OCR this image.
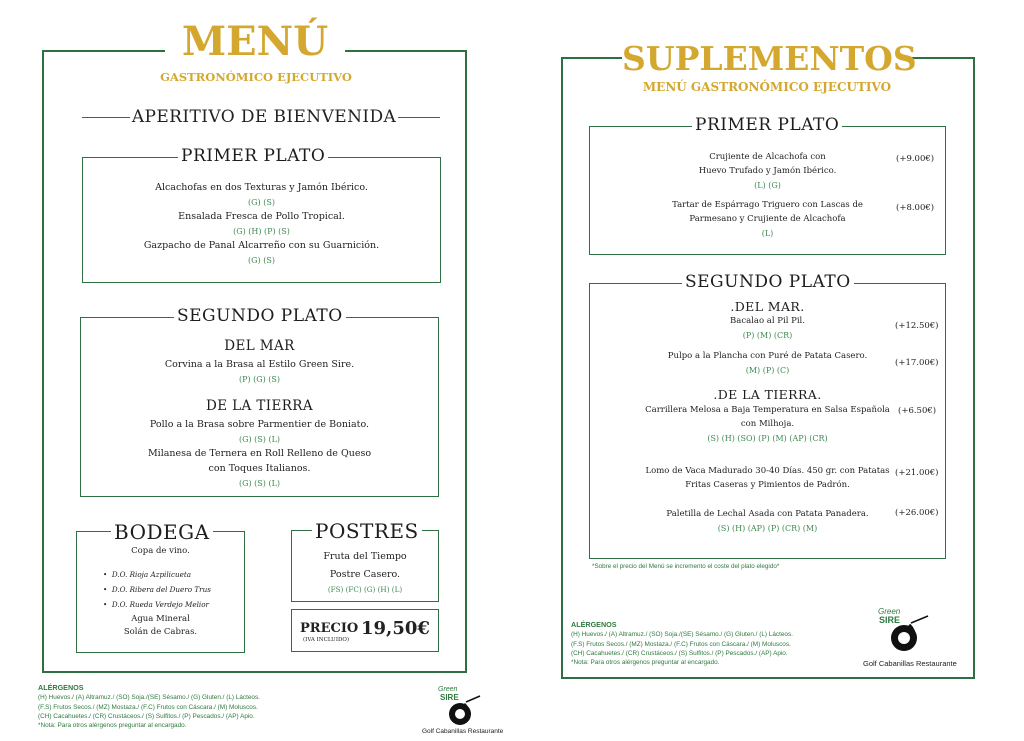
MENÚ
GASTRONÓMICO EJECUTIVO
APERITIVO DE BIENVENIDA
PRIMER PLATO
Alcachofas en dos Texturas y Jamón Ibérico.
(G) (S)
Ensalada Fresca de Pollo Tropical.
(G) (H) (P) (S)
Gazpacho de Panal Alcarreño con su Guarnición.
(G) (S)
SEGUNDO PLATO
DEL MAR
Corvina a la Brasa al Estilo Green Sire.
(P) (G) (S)
DE LA TIERRA
Pollo a la Brasa sobre Parmentier de Boniato.
(G) (S) (L)
Milanesa de Ternera en Roll Relleno de Queso
con Toques Italianos.
(G) (S) (L)
BODEGA
Copa de vino.
•  D.O. Rioja Azpilicueta
•  D.O. Ribera del Duero Trus
•  D.O. Rueda Verdejo Melior
Agua Mineral
Solán de Cabras.
POSTRES
Fruta del Tiempo
Postre Casero.
(FS) (FC) (G) (H) (L)
PRECIO 19,50€
(IVA INCLUIDO)
ALÉRGENOS
(H) Huevos./ (A) Altramuz./ (SO) Soja./(SE) Sésamo./ (G) Gluten./ (L) Lácteos.
(F.S) Frutos Secos./ (MZ) Mostaza./ (F.C) Frutos con Cáscara./ (M) Moluscos.
(CH) Cacahuetes./ (CR) Crustáceos./ (S) Sulfitos./ (P) Pescados./ (AP) Apio.
*Nota: Para otros alérgenos preguntar al encargado.
Green
SIRE
Golf Cabanillas Restaurante
SUPLEMENTOS
MENÚ GASTRONÓMICO EJECUTIVO
PRIMER PLATO
Crujiente de Alcachofa con
Huevo Trufado y Jamón Ibérico.
(L) (G)
(+9.00€)
Tartar de Espárrago Triguero con Lascas de
Parmesano y Crujiente de Alcachofa
(L)
(+8.00€)
SEGUNDO PLATO
.DEL MAR.
Bacalao al Pil Pil.
(P) (M) (CR)
(+12.50€)
Pulpo a la Plancha con Puré de Patata Casero.
(M) (P) (C)
(+17.00€)
.DE LA TIERRA.
Carrillera Melosa a Baja Temperatura en Salsa Española
con Milhoja.
(S) (H) (SO) (P) (M) (AP) (CR)
(+6.50€)
Lomo de Vaca Madurado 30-40 Días. 450 gr. con Patatas
Fritas Caseras y Pimientos de Padrón.
(+21.00€)
Paletilla de Lechal Asada con Patata Panadera.
(S) (H) (AP) (P) (CR) (M)
(+26.00€)
*Sobre el precio del Menú se incremento el coste del plato elegido*
ALÉRGENOS
(H) Huevos./ (A) Altramuz./ (SO) Soja./(SE) Sésamo./ (G) Gluten./ (L) Lácteos.
(F.S) Frutos Secos./ (MZ) Mostaza./ (F.C) Frutos con Cáscara./ (M) Moluscos.
(CH) Cacahuetes./ (CR) Crustáceos./ (S) Sulfitos./ (P) Pescados./ (AP) Apio.
*Nota: Para otros alérgenos preguntar al encargado.
Green
SIRE
Golf Cabanillas Restaurante
